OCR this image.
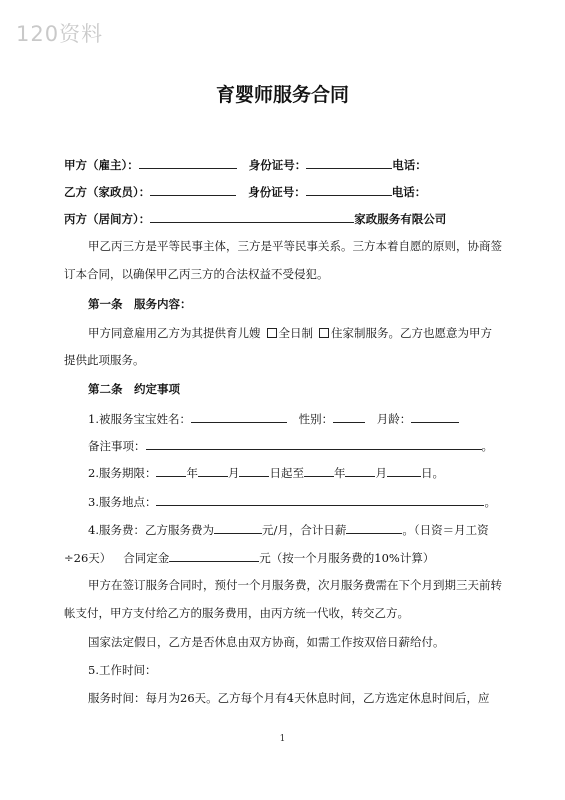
120资料
育婴师服务合同
甲方（雇主）：	身份证号：	电话：
乙方（家政员）：	身份证号：	电话：
丙方（居间方）：	家政服务有限公司
甲乙丙三方是平等民事主体，三方是平等民事关系。三方本着自愿的原则，协商签
订本合同，以确保甲乙丙三方的合法权益不受侵犯。
第一条　服务内容：
甲方同意雇用乙方为其提供育儿嫂 全日制 住家制服务。乙方也愿意为甲方
提供此项服务。
第二条　约定事项
1.被服务宝宝姓名：	性别：	月龄：
备注事项：	。
2.服务期限：	年	月	日起至	年	月	日。
3.服务地点：	。
4.服务费：乙方服务费为	元/月，合计日薪	。（日资＝月工资
÷26天） 合同定金	元（按一个月服务费的10%计算）
甲方在签订服务合同时，预付一个月服务费，次月服务费需在下个月到期三天前转
帐支付，甲方支付给乙方的服务费用，由丙方统一代收，转交乙方。
国家法定假日，乙方是否休息由双方协商，如需工作按双倍日薪给付。
5.工作时间：
服务时间：每月为26天。乙方每个月有4天休息时间，乙方选定休息时间后，应
1
